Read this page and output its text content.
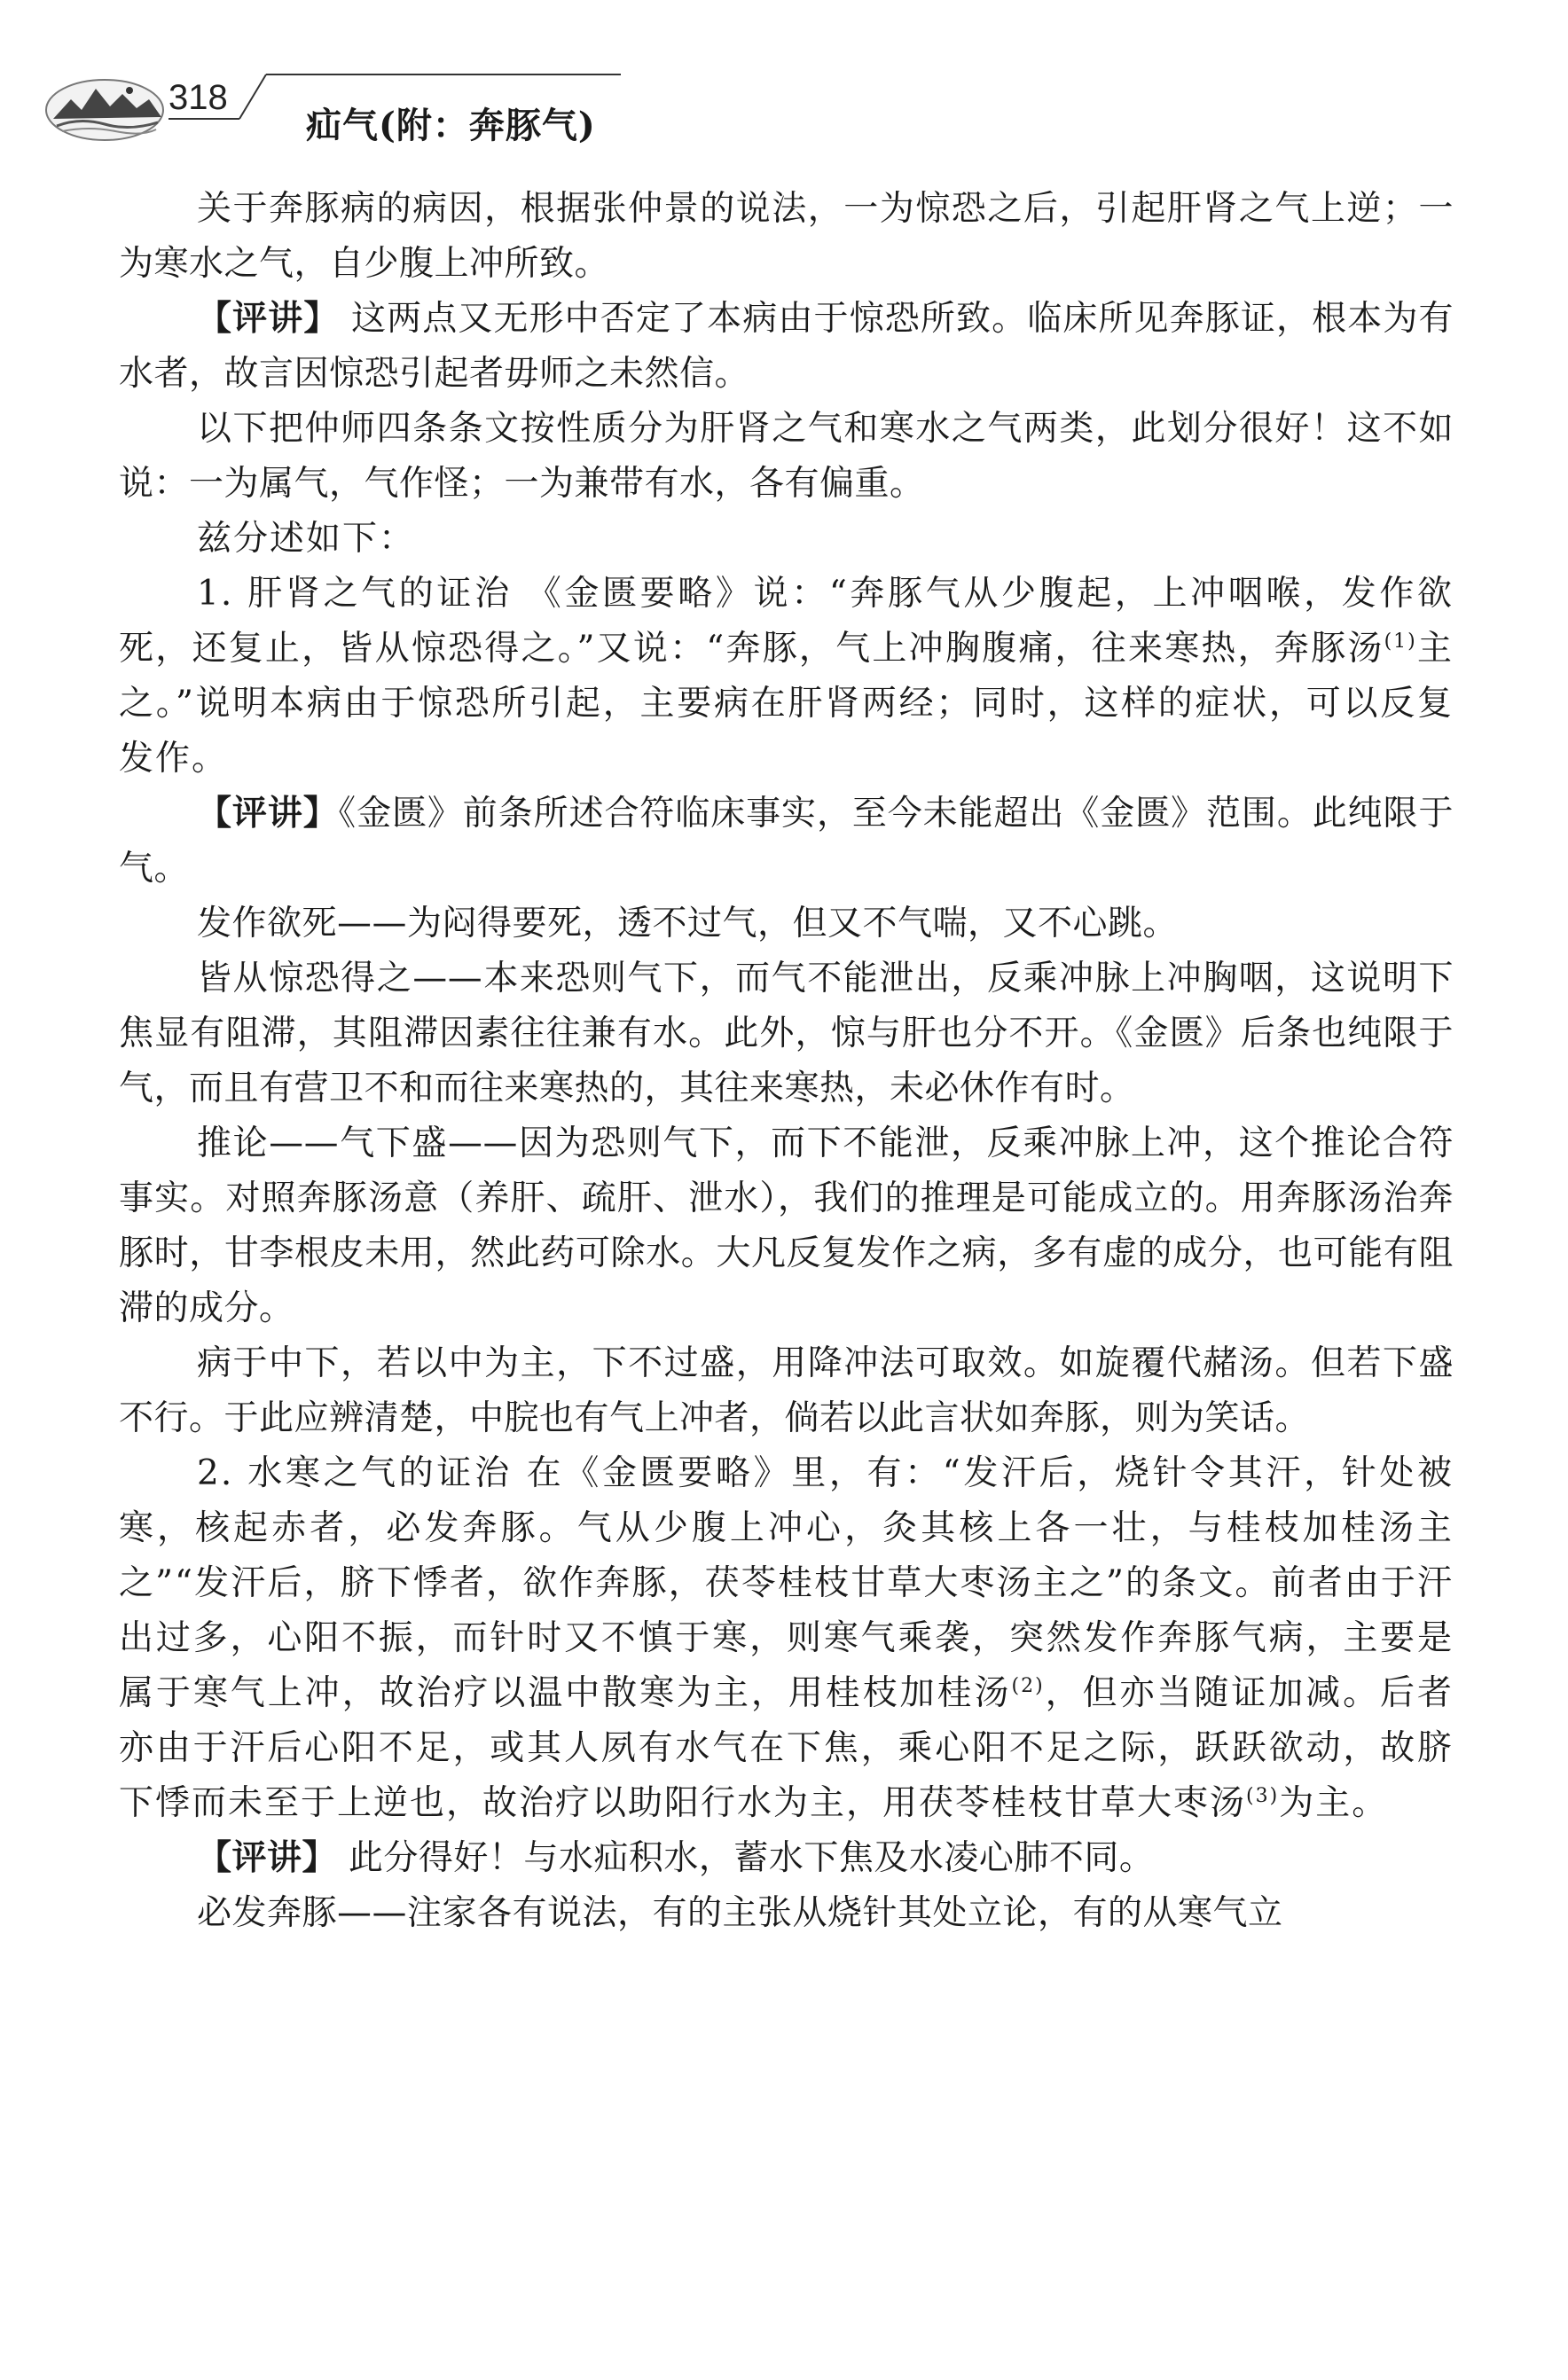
318
疝气(附：奔豚气)

关于奔豚病的病因，根据张仲景的说法，一为惊恐之后，引起肝肾之气上逆；一为寒水之气，自少腹上冲所致。

【评讲】 这两点又无形中否定了本病由于惊恐所致。临床所见奔豚证，根本为有水者，故言因惊恐引起者毋师之未然信。

以下把仲师四条条文按性质分为肝肾之气和寒水之气两类，此划分很好！这不如说：一为属气，气作怪；一为兼带有水，各有偏重。

兹分述如下：

1. 肝肾之气的证治 《金匮要略》说：“奔豚气从少腹起，上冲咽喉，发作欲死，还复止，皆从惊恐得之。”又说：“奔豚，气上冲胸腹痛，往来寒热，奔豚汤$^{(1)}$主之。”说明本病由于惊恐所引起，主要病在肝肾两经；同时，这样的症状，可以反复发作。

【评讲】《金匮》前条所述合符临床事实，至今未能超出《金匮》范围。此纯限于气。

发作欲死——为闷得要死，透不过气，但又不气喘，又不心跳。

皆从惊恐得之——本来恐则气下，而气不能泄出，反乘冲脉上冲胸咽，这说明下焦显有阻滞，其阻滞因素往往兼有水。此外，惊与肝也分不开。《金匮》后条也纯限于气，而且有营卫不和而往来寒热的，其往来寒热，未必休作有时。

推论——气下盛——因为恐则气下，而下不能泄，反乘冲脉上冲，这个推论合符事实。对照奔豚汤意（养肝、疏肝、泄水），我们的推理是可能成立的。用奔豚汤治奔豚时，甘李根皮未用，然此药可除水。大凡反复发作之病，多有虚的成分，也可能有阻滞的成分。

病于中下，若以中为主，下不过盛，用降冲法可取效。如旋覆代赭汤。但若下盛不行。于此应辨清楚，中脘也有气上冲者，倘若以此言状如奔豚，则为笑话。

2. 水寒之气的证治 在《金匮要略》里，有：“发汗后，烧针令其汗，针处被寒，核起赤者，必发奔豚。气从少腹上冲心，灸其核上各一壮，与桂枝加桂汤主之”“发汗后，脐下悸者，欲作奔豚，茯苓桂枝甘草大枣汤主之”的条文。前者由于汗出过多，心阳不振，而针时又不慎于寒，则寒气乘袭，突然发作奔豚气病，主要是属于寒气上冲，故治疗以温中散寒为主，用桂枝加桂汤$^{(2)}$，但亦当随证加减。后者亦由于汗后心阳不足，或其人夙有水气在下焦，乘心阳不足之际，跃跃欲动，故脐下悸而未至于上逆也，故治疗以助阳行水为主，用茯苓桂枝甘草大枣汤$^{(3)}$为主。

【评讲】 此分得好！与水疝积水，蓄水下焦及水凌心肺不同。

必发奔豚——注家各有说法，有的主张从烧针其处立论，有的从寒气立
